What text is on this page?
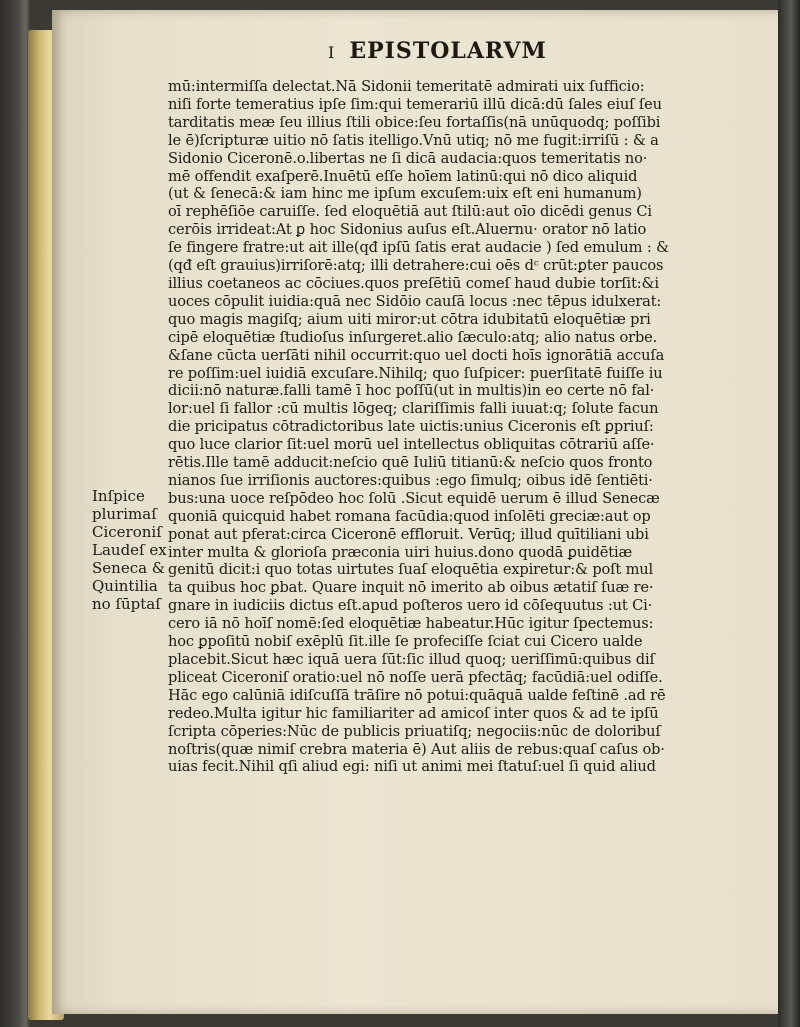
I EPISTOLARVM
mū:intermiſſa delectat.Nā Sidonii temeritatē admirati uix ſufficio:
niſi forte temeratius ipſe ſim:qui temerariū illū dicā:dū ſales eiuſ ſeu
tarditatis meæ ſeu illius ſtili obice:ſeu fortaſſis(nā unūquodq; poſſibi
le ē)ſcripturæ uitio nō ſatis itelligo.Vnū utiq; nō me fugit:irriſū : & a
Sidonio Ciceronē.o.libertas ne ſi dicā audacia:quos temeritatis no·
mē offendit exaſperē.Inuētū eſſe hoīem latinū:qui nō dico aliquid
(ut & ſenecā:& iam hinc me ipſum excuſem:uix eſt eni humanum)
oī rephēſiōe caruiſſe. ſed eloquētiā aut ſtilū:aut oīo dicēdi genus Ci
cerōis irrideat:At ꝑ hoc Sidonius auſus eſt.Aluernu· orator nō latio
ſe fingere fratre:ut ait ille(qđ ipſū ſatis erat audacie ) ſed emulum : &
(qđ eſt grauius)irriſorē:atq; illi detrahere:cui oēs dᶜ crūt:ꝑter paucos
illius coetaneos ac cōciues.quos preſētiū comeſ haud dubie torſit:&i
uoces cōpulit iuidia:quā nec Sidōio cauſā locus :nec tēpus idulxerat:
quo magis magiſq; aium uiti miror:ut cōtra idubitatū eloquētiæ pri
cipē eloquētiæ ſtudioſus inſurgeret.alio ſæculo:atq; alio natus orbe.
&ſane cūcta uerſāti nihil occurrit:quo uel docti hoīs ignorātiā accuſa
re poſſim:uel iuidiā excuſare.Nihilq; quo ſuſpicer: puerſitatē fuiſſe iu
dicii:nō naturæ.falli tamē ī hoc poſſū(ut in multis)in eo certe nō fal·
lor:uel ſi fallor :cū multis lōgeq; clariſſimis falli iuuat:q; ſolute facun
die pricipatus cōtradictoribus late uictis:unius Ciceronis eſt ꝑpriuſ:
quo luce clarior ſit:uel morū uel intellectus obliquitas cōtrariū aſſe·
rētis.Ille tamē adducit:neſcio quē Iuliū titianū:& neſcio quos fronto
nianos ſue irriſionis auctores:quibus :ego ſimulq; oibus idē ſentiēti·
bus:una uoce reſpōdeo hoc ſolū .Sicut equidē uerum ē illud Senecæ
quoniā quicquid habet romana facūdia:quod inſolēti greciæ:aut op
ponat aut pferat:circa Ciceronē effloruit. Verūq; illud quītiliani ubi
inter multa & glorioſa præconia uiri huius.dono quodā ꝑuidētiæ
genitū dicit:i quo totas uirtutes ſuaſ eloquētia expiretur:& poſt mul
ta quibus hoc ꝑbat. Quare inquit nō imerito ab oibus ætatiſ ſuæ re·
gnare in iudiciis dictus eſt.apud poſteros uero id cōſequutus :ut Ci·
cero iā nō hoīſ nomē:ſed eloquētiæ habeatur.Hūc igitur ſpectemus:
hoc ꝑpoſitū nobiſ exēplū ſit.ille ſe profeciſſe ſciat cui Cicero ualde
placebit.Sicut hæc iquā uera ſūt:ſic illud quoq; ueriſſimū:quibus diſ
pliceat Ciceroniſ oratio:uel nō noſſe uerā pfectāq; facūdiā:uel odiſſe.
Hāc ego calūniā idiſcuſſā trāſire nō potui:quāquā ualde feſtinē .ad rē
redeo.Multa igitur hic familiariter ad amicoſ inter quos & ad te ipſū
ſcripta cōperies:Nūc de publicis priuatiſq; negociis:nūc de doloribuſ
noſtris(quæ nimiſ crebra materia ē) Aut aliis de rebus:quaſ caſus ob·
uias fecit.Nihil qſi aliud egi: niſi ut animi mei ſtatuſ:uel ſi quid aliud
Inſpice
plurimaſ
Ciceroniſ
Laudeſ ex
Seneca &
Quintilia
no ſūptaſ
